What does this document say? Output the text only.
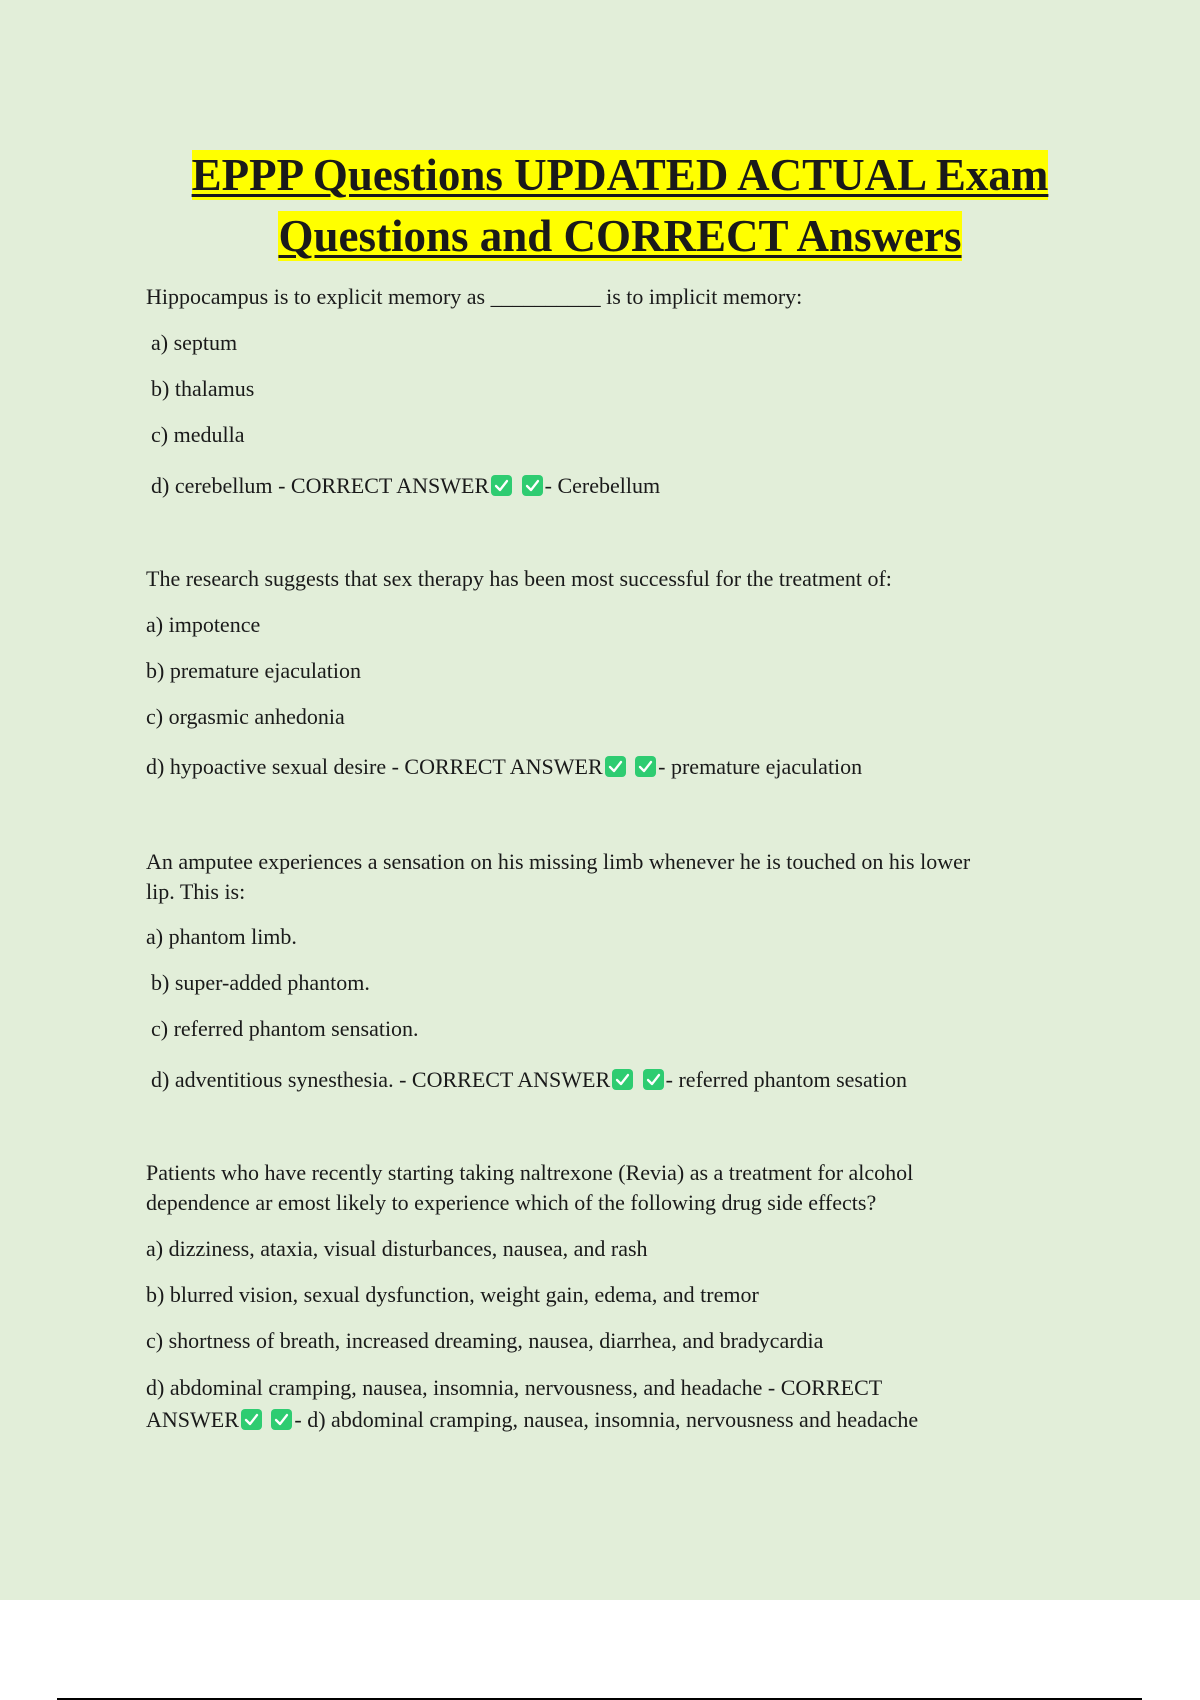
EPPP Questions UPDATED ACTUAL Exam
Questions and CORRECT Answers
Hippocampus is to explicit memory as __________ is to implicit memory:
a) septum
b) thalamus
c) medulla
d) cerebellum - CORRECT ANSWER
	- Cerebellum
The research suggests that sex therapy has been most successful for the treatment of:
a) impotence
b) premature ejaculation
c) orgasmic anhedonia
d) hypoactive sexual desire - CORRECT ANSWER
	- premature ejaculation
An amputee experiences a sensation on his missing limb whenever he is touched on his lower
lip. This is:
a) phantom limb.
b) super-added phantom.
c) referred phantom sensation.
d) adventitious synesthesia. - CORRECT ANSWER
	- referred phantom sesation
Patients who have recently starting taking naltrexone (Revia) as a treatment for alcohol
dependence ar emost likely to experience which of the following drug side effects?
a) dizziness, ataxia, visual disturbances, nausea, and rash
b) blurred vision, sexual dysfunction, weight gain, edema, and tremor
c) shortness of breath, increased dreaming, nausea, diarrhea, and bradycardia
d) abdominal cramping, nausea, insomnia, nervousness, and headache - CORRECT
ANSWER
	- d) abdominal cramping, nausea, insomnia, nervousness and headache
